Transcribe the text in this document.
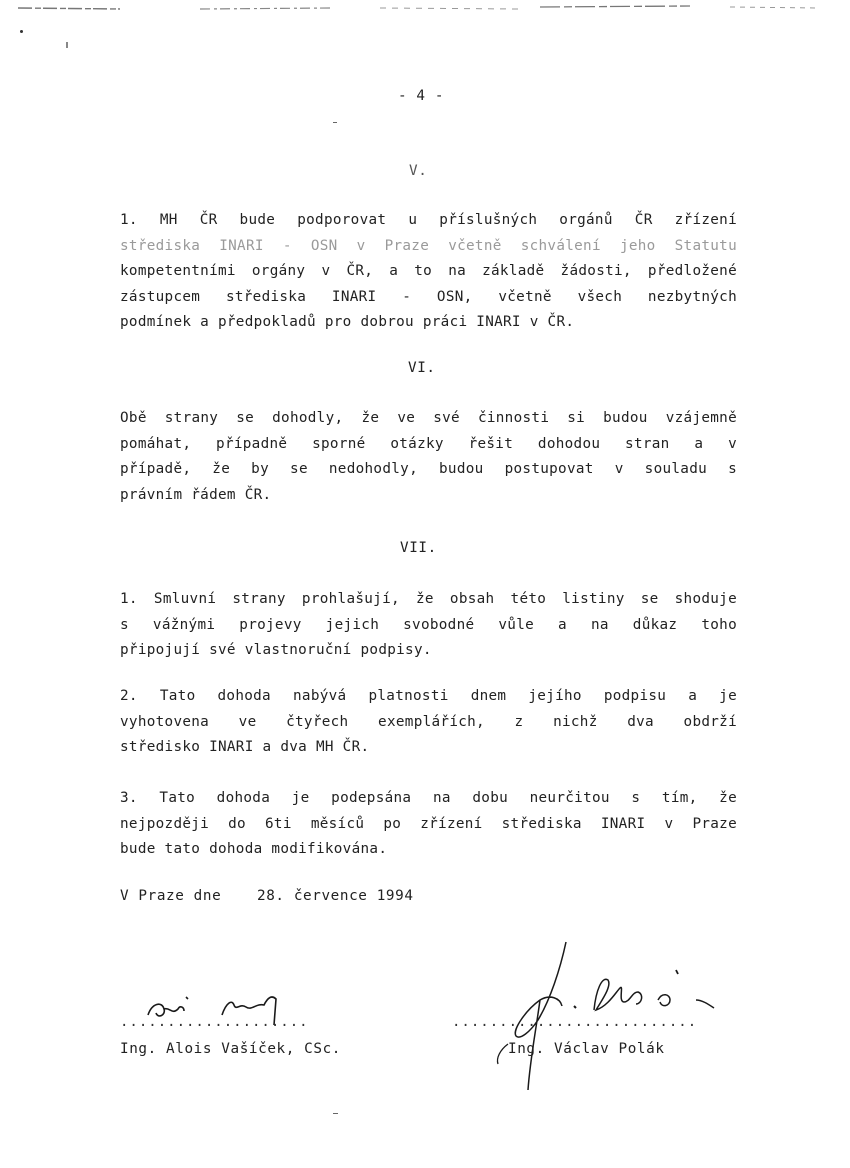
- 4 -
V.
1. MH ČR bude podporovat u příslušných orgánů ČR zřízení
střediska INARI - OSN v Praze včetně schválení jeho Statutu
kompetentními orgány v ČR, a to na základě žádosti, předložené
zástupcem střediska INARI - OSN, včetně všech nezbytných
podmínek a předpokladů pro dobrou práci INARI v ČR.
VI.
Obě strany se dohodly, že ve své činnosti si budou vzájemně
pomáhat, případně sporné otázky řešit dohodou stran a v
případě, že by se nedohodly, budou postupovat v souladu s
právním řádem ČR.
VII.
1. Smluvní strany prohlašují, že obsah této listiny se shoduje
s vážnými projevy jejich svobodné vůle a na důkaz toho
připojují své vlastnoruční podpisy.
2. Tato dohoda nabývá platnosti dnem jejího podpisu a je
vyhotovena ve čtyřech exemplářích, z nichž dva obdrží
středisko INARI a dva MH ČR.
3. Tato dohoda je podepsána na dobu neurčitou s tím, že
nejpozději do 6ti měsíců po zřízení střediska INARI v Praze
bude tato dohoda modifikována.
V Praze dne 28. července 1994
....................
Ing. Alois Vašíček, CSc.
..........................
Ing. Václav Polák
